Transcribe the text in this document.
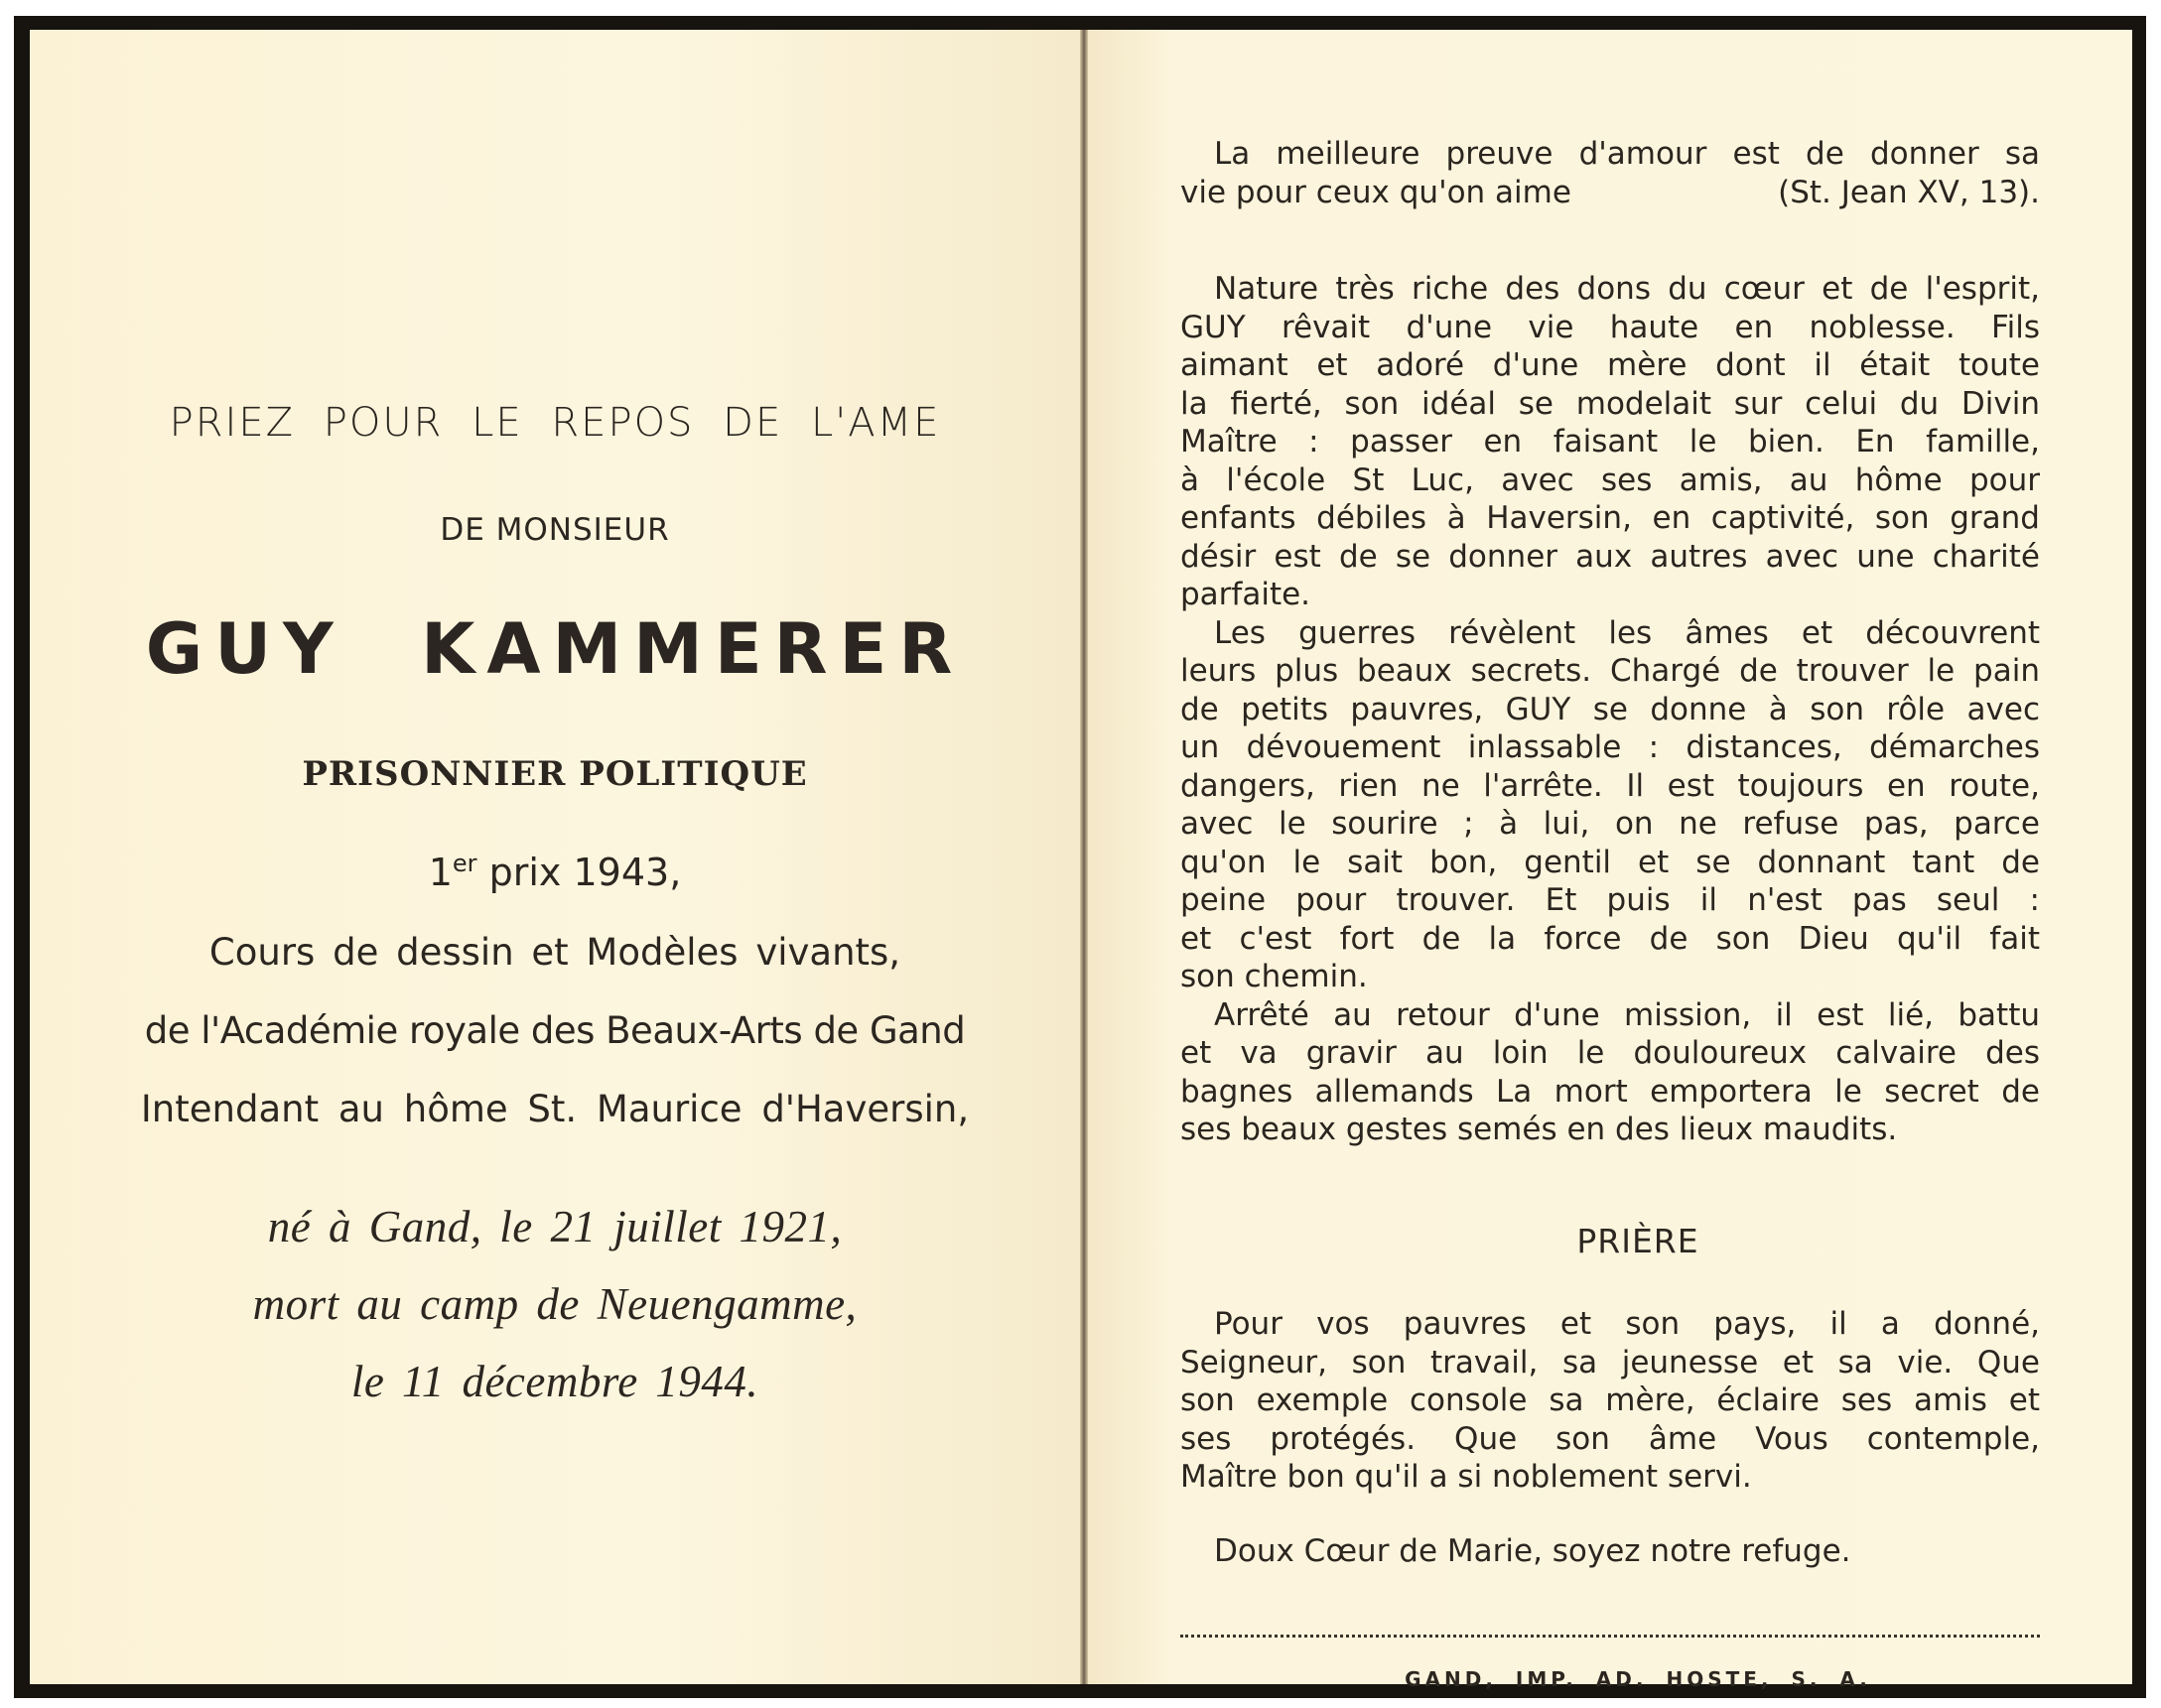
PRIEZ POUR LE REPOS DE L'AME
DE MONSIEUR
GUY KAMMERER
PRISONNIER POLITIQUE
1er prix 1943,
Cours de dessin et Modèles vivants,
de l'Académie royale des Beaux-Arts de Gand
Intendant au hôme St. Maurice d'Haversin,
né à Gand, le 21 juillet 1921,
mort au camp de Neuengamme,
le 11 décembre 1944.
La meilleure preuve d'amour est de donner sa
vie pour ceux qu'on aime	(St. Jean XV, 13).
Nature très riche des dons du cœur et de l'esprit,
GUY rêvait d'une vie haute en noblesse. Fils
aimant et adoré d'une mère dont il était toute
la fierté, son idéal se modelait sur celui du Divin
Maître : passer en faisant le bien. En famille,
à l'école St Luc, avec ses amis, au hôme pour
enfants débiles à Haversin, en captivité, son grand
désir est de se donner aux autres avec une charité
parfaite.
Les guerres révèlent les âmes et découvrent
leurs plus beaux secrets. Chargé de trouver le pain
de petits pauvres, GUY se donne à son rôle avec
un dévouement inlassable : distances, démarches
dangers, rien ne l'arrête. Il est toujours en route,
avec le sourire ; à lui, on ne refuse pas, parce
qu'on le sait bon, gentil et se donnant tant de
peine pour trouver. Et puis il n'est pas seul :
et c'est fort de la force de son Dieu qu'il fait
son chemin.
Arrêté au retour d'une mission, il est lié, battu
et va gravir au loin le douloureux calvaire des
bagnes allemands La mort emportera le secret de
ses beaux gestes semés en des lieux maudits.
PRIÈRE
Pour vos pauvres et son pays, il a donné,
Seigneur, son travail, sa jeunesse et sa vie. Que
son exemple console sa mère, éclaire ses amis et
ses protégés. Que son âme Vous contemple,
Maître bon qu'il a si noblement servi.
Doux Cœur de Marie, soyez notre refuge.
GAND, IMP. AD. HOSTE, S. A.
